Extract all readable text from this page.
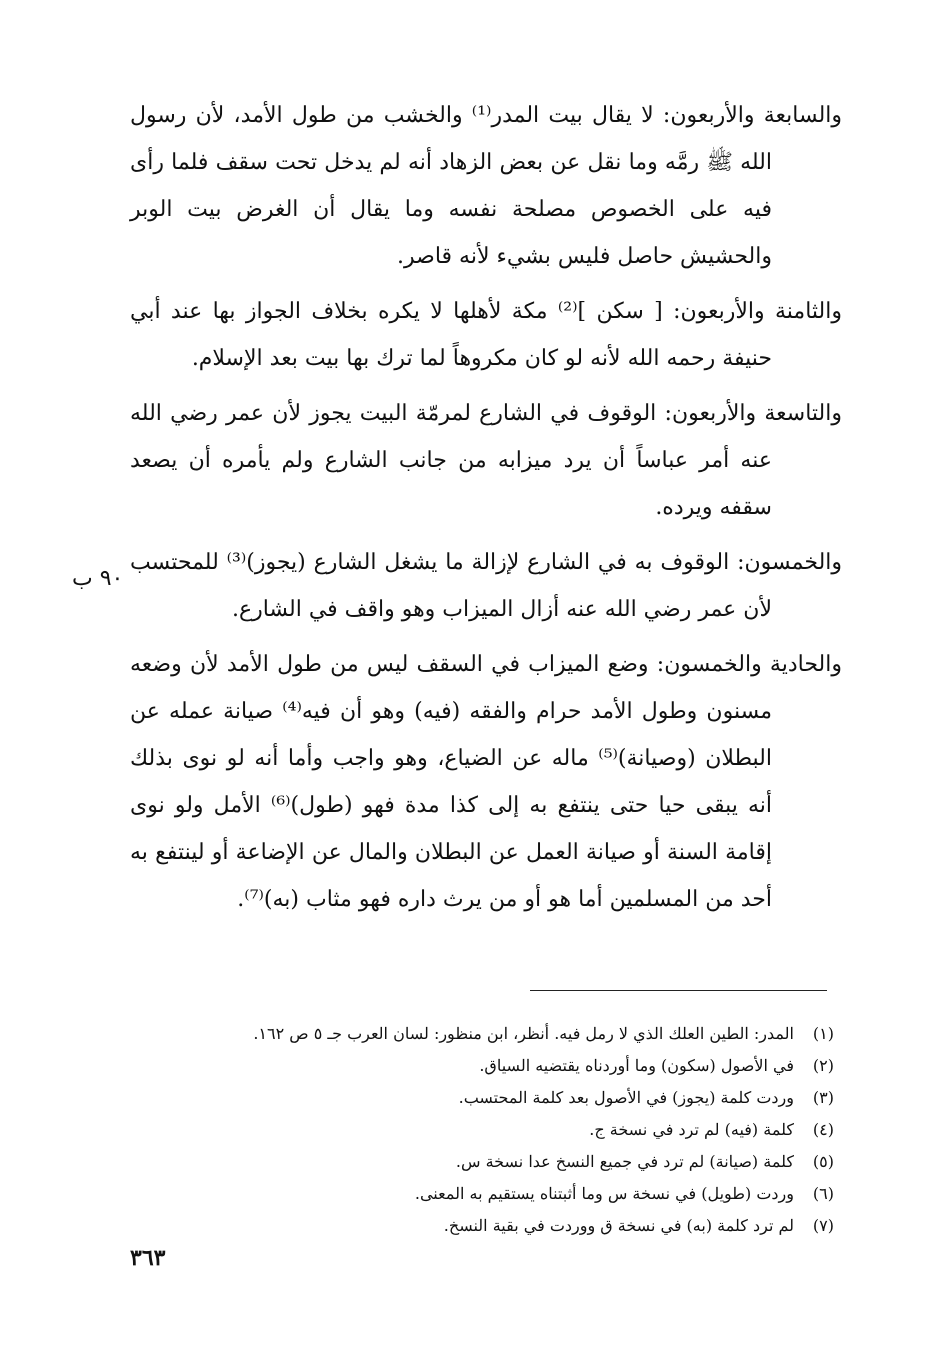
والسابعة والأربعون: لا يقال بيت المدر⁽¹⁾ والخشب من طول الأمد، لأن رسول الله ﷺ رمَّه وما نقل عن بعض الزهاد أنه لم يدخل تحت سقف فلما رأى فيه على الخصوص مصلحة نفسه وما يقال أن الغرض بيت الوبر والحشيش حاصل فليس بشيء لأنه قاصر.

والثامنة والأربعون: [ سكن ]⁽²⁾ مكة لأهلها لا يكره بخلاف الجواز بها عند أبي حنيفة رحمه الله لأنه لو كان مكروهاً لما ترك بها بيت بعد الإسلام.

والتاسعة والأربعون: الوقوف في الشارع لمرمّة البيت يجوز لأن عمر رضي الله عنه أمر عباساً أن يرد ميزابه من جانب الشارع ولم يأمره أن يصعد سقفه ويرده.

والخمسون: الوقوف به في الشارع لإزالة ما يشغل الشارع (يجوز)⁽³⁾ للمحتسب لأن عمر رضي الله عنه أزال الميزاب وهو واقف في الشارع.

والحادية والخمسون: وضع الميزاب في السقف ليس من طول الأمد لأن وضعه مسنون وطول الأمد حرام والفقه (فيه) وهو أن فيه⁽⁴⁾ صيانة عمله عن البطلان (وصيانة)⁽⁵⁾ ماله عن الضياع، وهو واجب وأما أنه لو نوى بذلك أنه يبقى حيا حتى ينتفع به إلى كذا مدة فهو (طول)⁽⁶⁾ الأمل ولو نوى إقامة السنة أو صيانة العمل عن البطلان والمال عن الإضاعة أو لينتفع به أحد من المسلمين أما هو أو من يرث داره فهو مثاب (به)⁽⁷⁾.

٩٠ ب
(١)
المدر: الطين العلك الذي لا رمل فيه. أنظر، ابن منظور: لسان العرب جـ ٥ ص ١٦٢.
(٢)
في الأصول (سكون) وما أوردناه يقتضيه السياق.
(٣)
وردت كلمة (يجوز) في الأصول بعد كلمة المحتسب.
(٤)
كلمة (فيه) لم ترد في نسخة ج.
(٥)
كلمة (صيانة) لم ترد في جميع النسخ عدا نسخة س.
(٦)
وردت (طويل) في نسخة س وما أثبتناه يستقيم به المعنى.
(٧)
لم ترد كلمة (به) في نسخة ق ووردت في بقية النسخ.
٣٦٣
